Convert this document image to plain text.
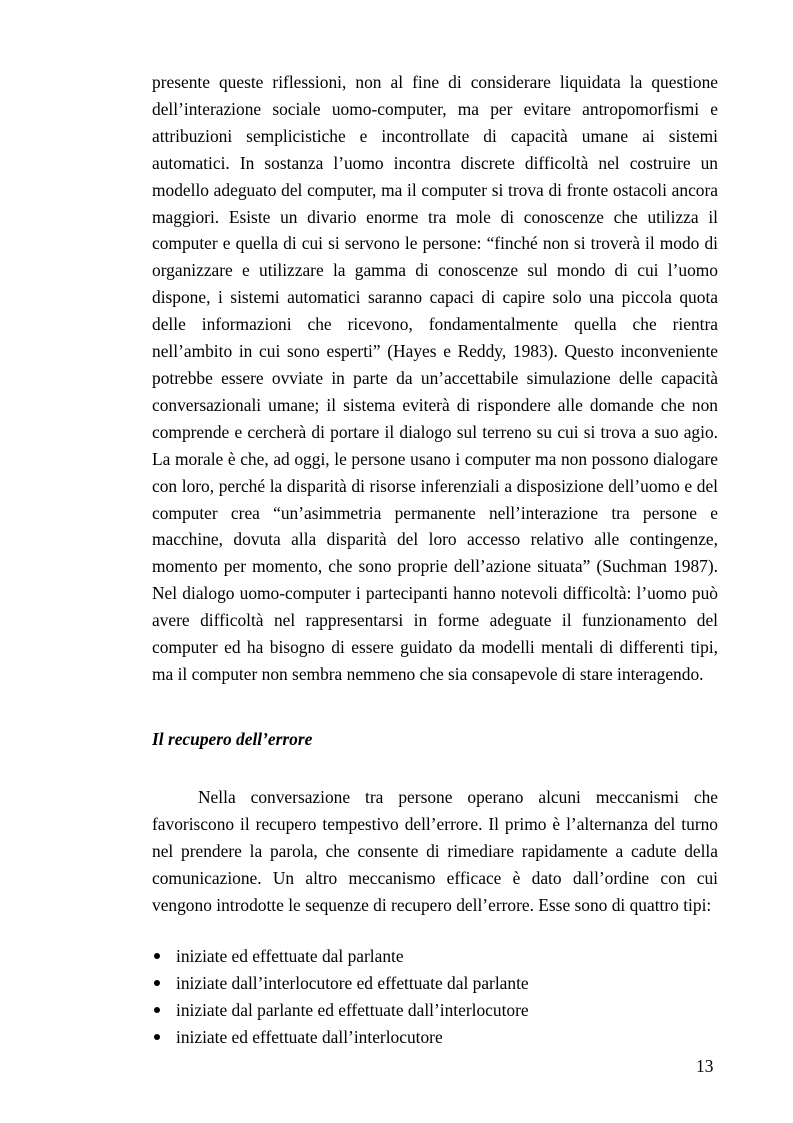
presente queste riflessioni, non al fine di considerare liquidata la questione dell’interazione sociale uomo-computer, ma per evitare antropomorfismi e attribuzioni semplicistiche e incontrollate di capacità umane ai sistemi automatici. In sostanza l’uomo incontra discrete difficoltà nel costruire un modello adeguato del computer, ma il computer si trova di fronte ostacoli ancora maggiori. Esiste un divario enorme tra mole di conoscenze che utilizza il computer e quella di cui si servono le persone: “finché non si troverà il modo di organizzare e utilizzare la gamma di conoscenze sul mondo di cui l’uomo dispone, i sistemi automatici saranno capaci di capire solo una piccola quota delle informazioni che ricevono, fondamentalmente quella che rientra nell’ambito in cui sono esperti” (Hayes e Reddy, 1983). Questo inconveniente potrebbe essere ovviate in parte da un’accettabile simulazione delle capacità conversazionali umane; il sistema eviterà di rispondere alle domande che non comprende e cercherà di portare il dialogo sul terreno su cui si trova a suo agio. La morale è che, ad oggi, le persone usano i computer ma non possono dialogare con loro, perché la disparità di risorse inferenziali a disposizione dell’uomo e del computer crea “un’asimmetria permanente nell’interazione tra persone e macchine, dovuta alla disparità del loro accesso relativo alle contingenze, momento per momento, che sono proprie dell’azione situata” (Suchman 1987). Nel dialogo uomo-computer i partecipanti hanno notevoli difficoltà: l’uomo può avere difficoltà nel rappresentarsi in forme adeguate il funzionamento del computer ed ha bisogno di essere guidato da modelli mentali di differenti tipi, ma il computer non sembra nemmeno che sia consapevole di stare interagendo.

Il recupero dell’errore

Nella conversazione tra persone operano alcuni meccanismi che favoriscono il recupero tempestivo dell’errore. Il primo è l’alternanza del turno nel prendere la parola, che consente di rimediare rapidamente a cadute della comunicazione. Un altro meccanismo efficace è dato dall’ordine con cui vengono introdotte le sequenze di recupero dell’errore. Esse sono di quattro tipi:

iniziate ed effettuate dal parlante
iniziate dall’interlocutore ed effettuate dal parlante
iniziate dal parlante ed effettuate dall’interlocutore
iniziate ed effettuate dall’interlocutore
13
